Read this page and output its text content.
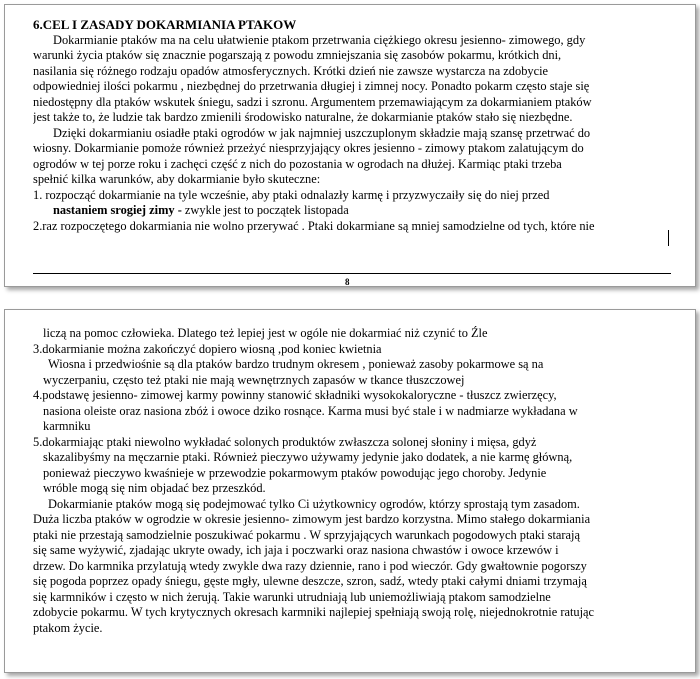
6.CEL I ZASADY DOKARMIANIA PTAKOW
Dokarmianie ptaków ma na celu ułatwienie ptakom przetrwania ciężkiego okresu jesienno- zimowego, gdy
warunki życia ptaków się znacznie pogarszają z powodu zmniejszania się zasobów pokarmu, krótkich dni,
nasilania się różnego rodzaju opadów atmosferycznych. Krótki dzień nie zawsze wystarcza na zdobycie
odpowiedniej ilości pokarmu , niezbędnej do przetrwania długiej i zimnej nocy. Ponadto pokarm często staje się
niedostępny dla ptaków wskutek śniegu, sadzi i szronu. Argumentem przemawiającym za dokarmianiem ptaków
jest także to, że ludzie tak bardzo zmienili środowisko naturalne, że dokarmianie ptaków stało się niezbędne.
Dzięki dokarmianiu osiadłe ptaki ogrodów w jak najmniej uszczuplonym składzie mają szansę przetrwać do
wiosny. Dokarmianie pomoże również przeżyć niesprzyjający okres jesienno - zimowy ptakom zalatującym do
ogrodów w tej porze roku i zachęci część z nich do pozostania w ogrodach na dłużej. Karmiąc ptaki trzeba
spełnić kilka warunków, aby dokarmianie było skuteczne:
1. rozpocząć dokarmianie na tyle wcześnie, aby ptaki odnalazły karmę i przyzwyczaiły się do niej przed
nastaniem srogiej zimy - zwykle jest to początek listopada
2.raz rozpoczętego dokarmiania nie wolno przerywać . Ptaki dokarmiane są mniej samodzielne od tych, które nie
8
liczą na pomoc człowieka. Dlatego też lepiej jest w ogóle nie dokarmiać niż czynić to Źle
3.dokarmianie można zakończyć dopiero wiosną ,pod koniec kwietnia
Wiosna i przedwiośnie są dla ptaków bardzo trudnym okresem , ponieważ zasoby pokarmowe są na
wyczerpaniu, często też ptaki nie mają wewnętrznych zapasów w tkance tłuszczowej
4.podstawę jesienno- zimowej karmy powinny stanowić składniki wysokokaloryczne - tłuszcz zwierzęcy,
nasiona oleiste oraz nasiona zbóż i owoce dziko rosnące. Karma musi być stale i w nadmiarze wykładana w
karmniku
5.dokarmiając ptaki niewolno wykładać solonych produktów zwłaszcza solonej słoniny i mięsa, gdyż
skazalibyśmy na męczarnie ptaki. Również pieczywo używamy jedynie jako dodatek, a nie karmę główną,
ponieważ pieczywo kwaśnieje w przewodzie pokarmowym ptaków powodując jego choroby. Jedynie
wróble mogą się nim objadać bez przeszkód.
Dokarmianie ptaków mogą się podejmować tylko Ci użytkownicy ogrodów, którzy sprostają tym zasadom.
Duża liczba ptaków w ogrodzie w okresie jesienno- zimowym jest bardzo korzystna. Mimo stałego dokarmiania
ptaki nie przestają samodzielnie poszukiwać pokarmu . W sprzyjających warunkach pogodowych ptaki starają
się same wyżywić, zjadając ukryte owady, ich jaja i poczwarki oraz nasiona chwastów i owoce krzewów i
drzew. Do karmnika przylatują wtedy zwykle dwa razy dziennie, rano i pod wieczór. Gdy gwałtownie pogorszy
się pogoda poprzez opady śniegu, gęste mgły, ulewne deszcze, szron, sadź, wtedy ptaki całymi dniami trzymają
się karmników i często w nich żerują. Takie warunki utrudniają lub uniemożliwiają ptakom samodzielne
zdobycie pokarmu. W tych krytycznych okresach karmniki najlepiej spełniają swoją rolę, niejednokrotnie ratując
ptakom życie.
